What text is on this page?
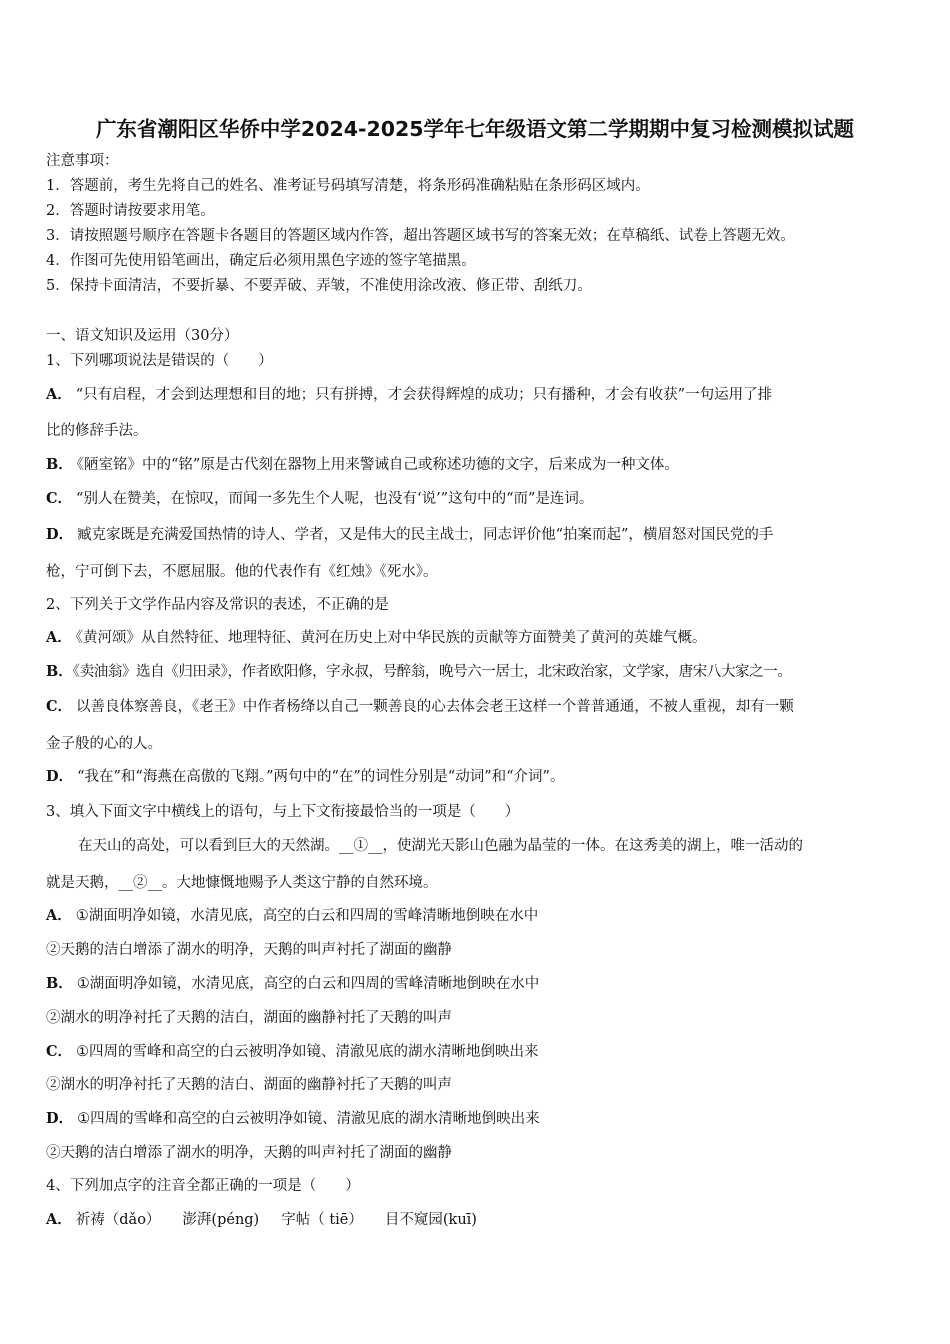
广东省潮阳区华侨中学2024-2025学年七年级语文第二学期期中复习检测模拟试题
注意事项：
1．答题前，考生先将自己的姓名、准考证号码填写清楚，将条形码准确粘贴在条形码区域内。
2．答题时请按要求用笔。
3．请按照题号顺序在答题卡各题目的答题区域内作答，超出答题区域书写的答案无效；在草稿纸、试卷上答题无效。
4．作图可先使用铅笔画出，确定后必须用黑色字迹的签字笔描黑。
5．保持卡面清洁，不要折暴、不要弄破、弄皱，不准使用涂改液、修正带、刮纸刀。
一、语文知识及运用（30分）
1、下列哪项说法是错误的（　　）
A． “只有启程，才会到达理想和目的地；只有拼搏，才会获得辉煌的成功；只有播种，才会有收获”一句运用了排
比的修辞手法。
B． 《陋室铭》中的“铭”原是古代刻在器物上用来警诫自己或称述功德的文字，后来成为一种文体。
C． “别人在赞美，在惊叹，而闻一多先生个人呢，也没有‘说’”这句中的“而”是连词。
D． 臧克家既是充满爱国热情的诗人、学者，又是伟大的民主战士，同志评价他“拍案而起”，横眉怒对国民党的手
枪，宁可倒下去，不愿屈服。他的代表作有《红烛》《死水》。
2、下列关于文学作品内容及常识的表述，不正确的是
A． 《黄河颂》从自然特征、地理特征、黄河在历史上对中华民族的贡献等方面赞美了黄河的英雄气概。
B．《卖油翁》选自《归田录》，作者欧阳修，字永叔，号醉翁，晚号六一居士，北宋政治家，文学家，唐宋八大家之一。
C． 以善良体察善良，《老王》中作者杨绛以自己一颗善良的心去体会老王这样一个普普通通，不被人重视，却有一颗
金子般的心的人。
D． “我在”和“海燕在高傲的飞翔。”两句中的“在”的词性分别是“动词”和“介词”。
3、填入下面文字中横线上的语句，与上下文衔接最恰当的一项是（　　）
在天山的高处，可以看到巨大的天然湖。__①__，使湖光天影山色融为晶莹的一体。在这秀美的湖上，唯一活动的
就是天鹅，__②__。大地慷慨地赐予人类这宁静的自然环境。
A． ①湖面明净如镜，水清见底，高空的白云和四周的雪峰清晰地倒映在水中
②天鹅的洁白增添了湖水的明净，天鹅的叫声衬托了湖面的幽静
B． ①湖面明净如镜，水清见底，高空的白云和四周的雪峰清晰地倒映在水中
②湖水的明净衬托了天鹅的洁白，湖面的幽静衬托了天鹅的叫声
C． ①四周的雪峰和高空的白云被明净如镜、清澈见底的湖水清晰地倒映出来
②湖水的明净衬托了天鹅的洁白、湖面的幽静衬托了天鹅的叫声
D． ①四周的雪峰和高空的白云被明净如镜、清澈见底的湖水清晰地倒映出来
②天鹅的洁白增添了湖水的明净，天鹅的叫声衬托了湖面的幽静
4、下列加点字的注音全都正确的一项是（　　）
A． 祈祷（dǎo） 澎湃(péng) 字帖（ tiē） 目不窥园(kuī)
